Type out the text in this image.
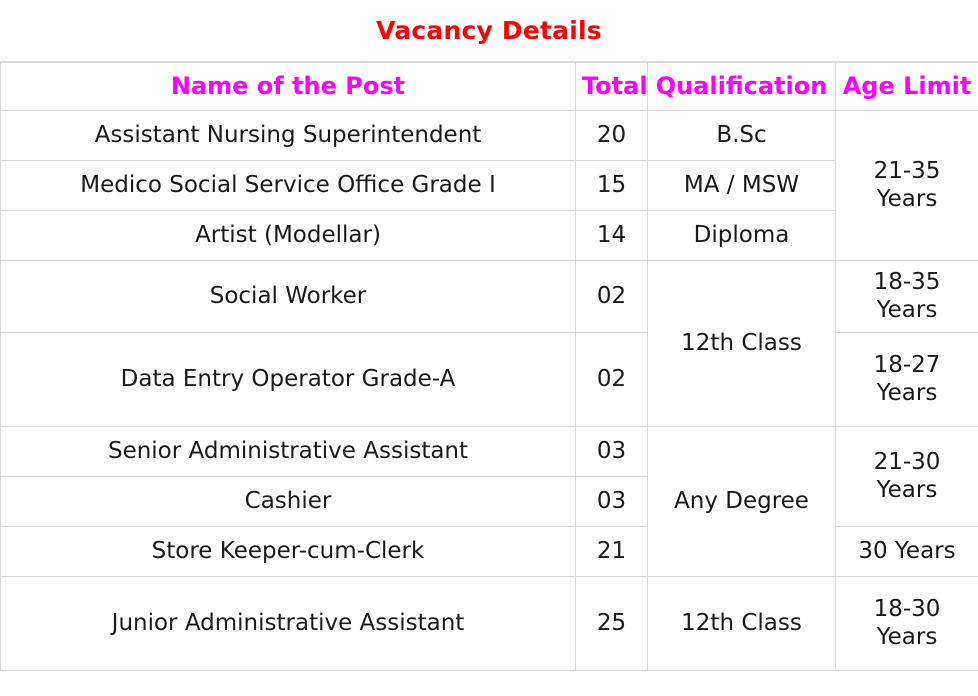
Vacancy Details
Name of the Post	Total	Qualification	Age Limit
Assistant Nursing Superintendent	20	B.Sc	21-35 Years
Medico Social Service Office Grade I	15	MA / MSW	
Artist (Modellar)	14	Diploma	
Social Worker	02	12th Class	18-35 Years
Data Entry Operator Grade-A	02		18-27 Years
Senior Administrative Assistant	03	Any Degree	21-30 Years
Cashier	03		
Store Keeper-cum-Clerk	21		30 Years
Junior Administrative Assistant	25	12th Class	18-30 Years
